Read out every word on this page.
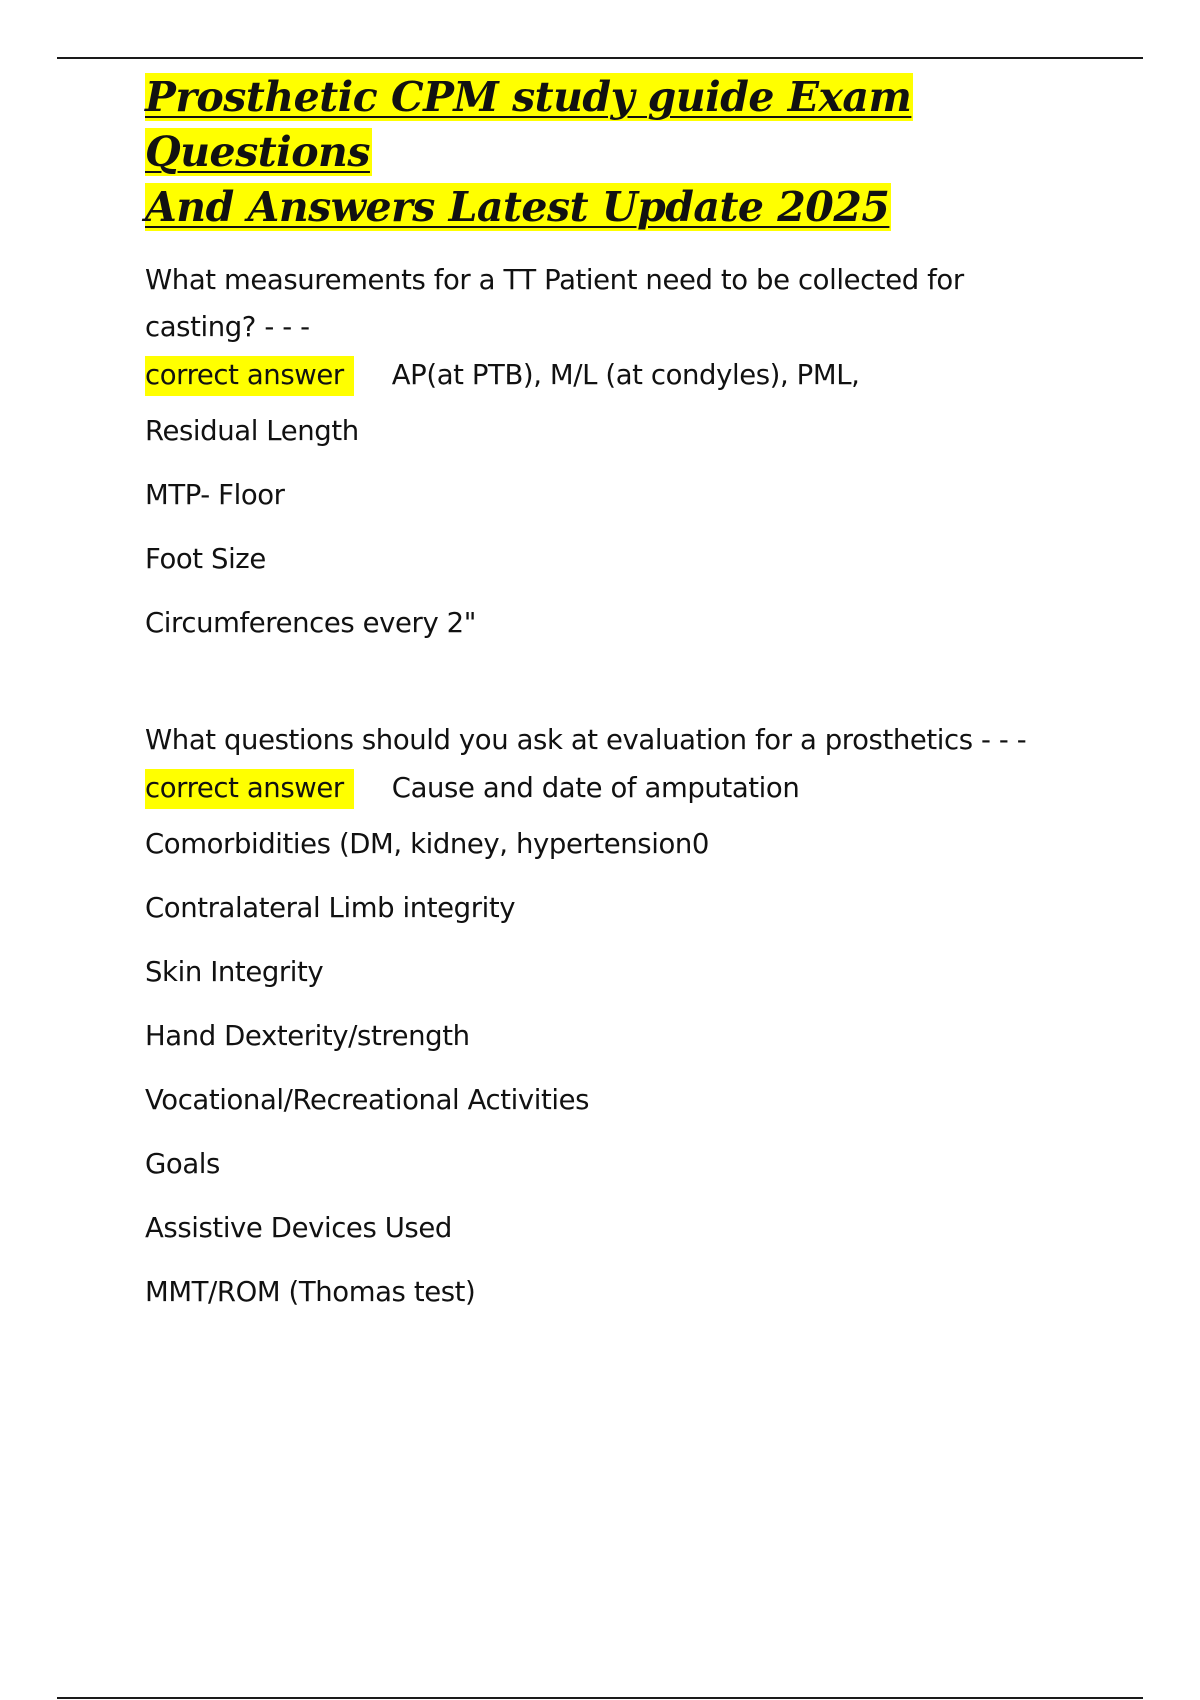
Prosthetic CPM study guide Exam Questions
And Answers Latest Update 2025

What measurements for a TT Patient need to be collected for
casting? - - -

correct answer AP(at PTB), M/L (at condyles), PML,

Residual Length

MTP- Floor

Foot Size

Circumferences every 2"

What questions should you ask at evaluation for a prosthetics - - -

correct answer Cause and date of amputation

Comorbidities (DM, kidney, hypertension0

Contralateral Limb integrity

Skin Integrity

Hand Dexterity/strength

Vocational/Recreational Activities

Goals

Assistive Devices Used

MMT/ROM (Thomas test)
